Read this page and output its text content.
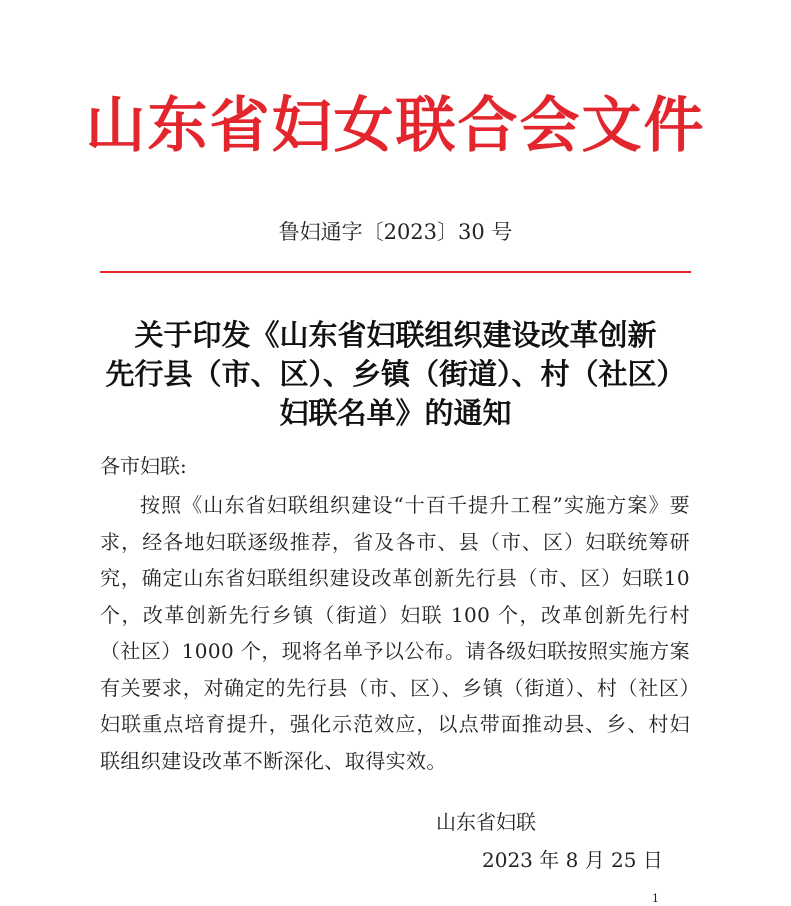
山东省妇女联合会文件
鲁妇通字〔2023〕30 号
关于印发《山东省妇联组织建设改革创新
先行县（市、区）、乡镇（街道）、村（社区）
妇联名单》的通知
各市妇联:
按照《山东省妇联组织建设“十百千提升工程”实施方案》要求，经各地妇联逐级推荐，省及各市、县（市、区）妇联统筹研究，确定山东省妇联组织建设改革创新先行县（市、区）妇联10个，改革创新先行乡镇（街道）妇联 100 个，改革创新先行村（社区）1000 个，现将名单予以公布。请各级妇联按照实施方案有关要求，对确定的先行县（市、区）、乡镇（街道）、村（社区）妇联重点培育提升，强化示范效应，以点带面推动县、乡、村妇联组织建设改革不断深化、取得实效。
山东省妇联
2023 年 8 月 25 日
1
